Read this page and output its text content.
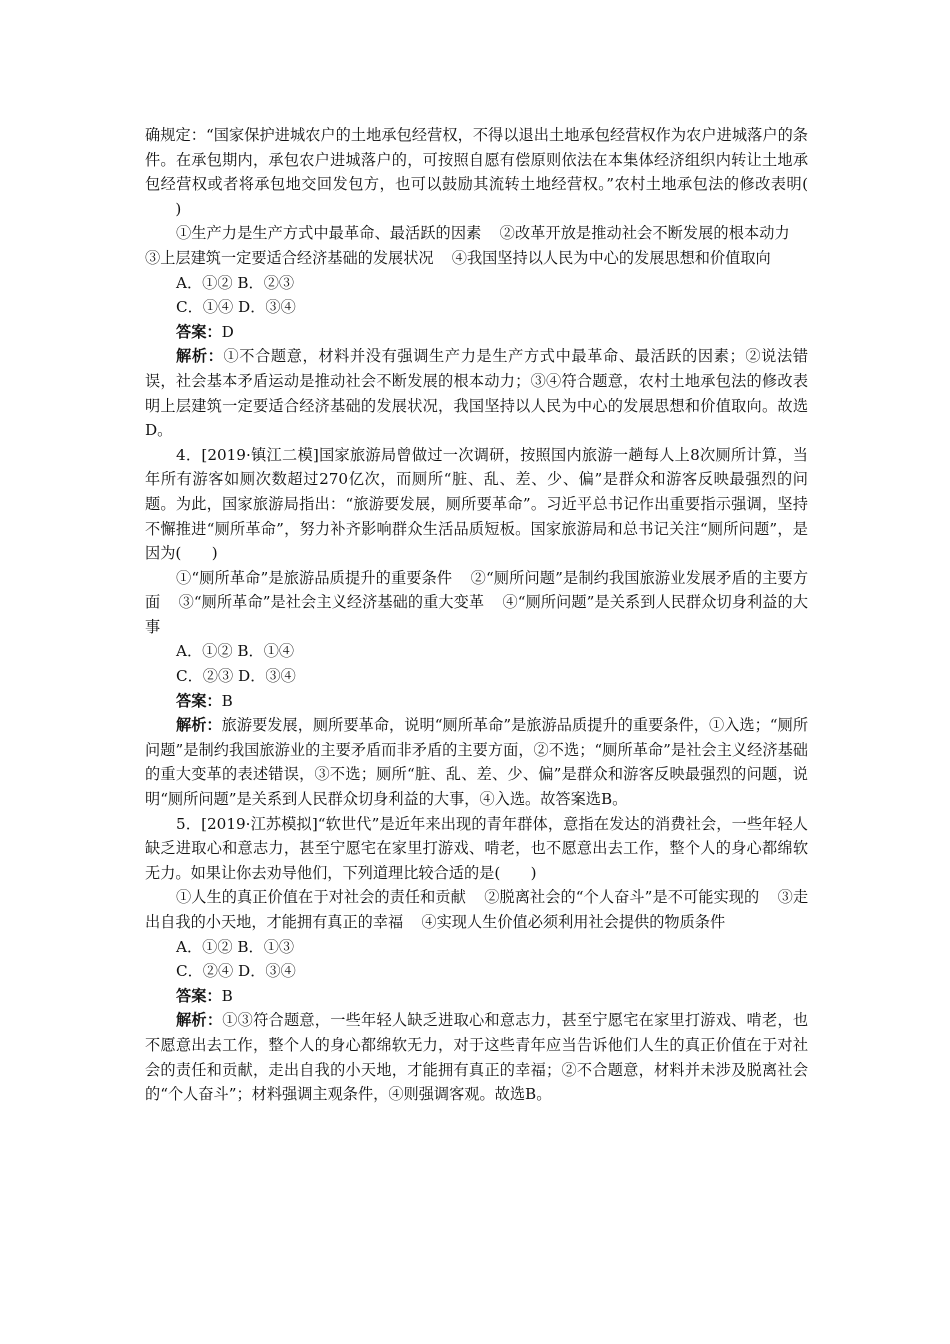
确规定：“国家保护进城农户的土地承包经营权，不得以退出土地承包经营权作为农户进城落户的条件。在承包期内，承包农户进城落户的，可按照自愿有偿原则依法在本集体经济组织内转让土地承包经营权或者将承包地交回发包方，也可以鼓励其流转土地经营权。”农村土地承包法的修改表明()

①生产力是生产方式中最革命、最活跃的因素 ②改革开放是推动社会不断发展的根本动力③上层建筑一定要适合经济基础的发展状况 ④我国坚持以人民为中心的发展思想和价值取向

A．①② B．②③

C．①④ D．③④

答案：D

解析：①不合题意，材料并没有强调生产力是生产方式中最革命、最活跃的因素；②说法错误，社会基本矛盾运动是推动社会不断发展的根本动力；③④符合题意，农村土地承包法的修改表明上层建筑一定要适合经济基础的发展状况，我国坚持以人民为中心的发展思想和价值取向。故选D。

4．[2019·镇江二模]国家旅游局曾做过一次调研，按照国内旅游一趟每人上8次厕所计算，当年所有游客如厕次数超过270亿次，而厕所“脏、乱、差、少、偏”是群众和游客反映最强烈的问题。为此，国家旅游局指出：“旅游要发展，厕所要革命”。习近平总书记作出重要指示强调，坚持不懈推进“厕所革命”，努力补齐影响群众生活品质短板。国家旅游局和总书记关注“厕所问题”，是因为( )

①“厕所革命”是旅游品质提升的重要条件 ②“厕所问题”是制约我国旅游业发展矛盾的主要方面 ③“厕所革命”是社会主义经济基础的重大变革 ④“厕所问题”是关系到人民群众切身利益的大事

A．①② B．①④

C．②③ D．③④

答案：B

解析：旅游要发展，厕所要革命，说明“厕所革命”是旅游品质提升的重要条件，①入选；“厕所问题”是制约我国旅游业的主要矛盾而非矛盾的主要方面，②不选；“厕所革命”是社会主义经济基础的重大变革的表述错误，③不选；厕所“脏、乱、差、少、偏”是群众和游客反映最强烈的问题，说明“厕所问题”是关系到人民群众切身利益的大事，④入选。故答案选B。

5．[2019·江苏模拟]“软世代”是近年来出现的青年群体，意指在发达的消费社会，一些年轻人缺乏进取心和意志力，甚至宁愿宅在家里打游戏、啃老，也不愿意出去工作，整个人的身心都绵软无力。如果让你去劝导他们，下列道理比较合适的是( )

①人生的真正价值在于对社会的责任和贡献 ②脱离社会的“个人奋斗”是不可能实现的 ③走出自我的小天地，才能拥有真正的幸福 ④实现人生价值必须利用社会提供的物质条件

A．①② B．①③

C．②④ D．③④

答案：B

解析：①③符合题意，一些年轻人缺乏进取心和意志力，甚至宁愿宅在家里打游戏、啃老，也不愿意出去工作，整个人的身心都绵软无力，对于这些青年应当告诉他们人生的真正价值在于对社会的责任和贡献，走出自我的小天地，才能拥有真正的幸福；②不合题意，材料并未涉及脱离社会的“个人奋斗”；材料强调主观条件，④则强调客观。故选B。
